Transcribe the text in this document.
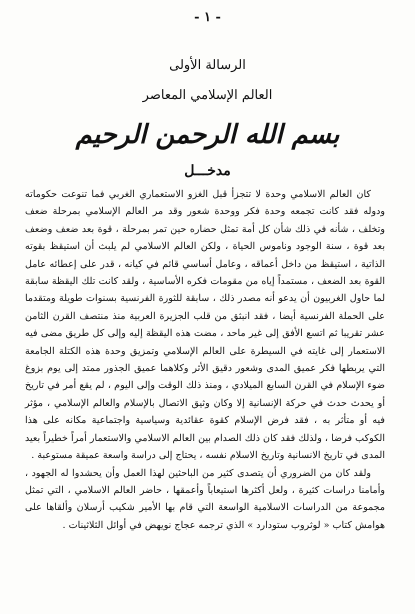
- ١ -
الرسالة الأولى
العالم الإسلامي المعاصر
بسم الله الرحمن الرحيم
مدخـــل

كان العالم الاسلامي وحدة لا تتجزأ قبل الغزو الاستعماري الغربي فما تنوعت حكوماته ودوله فقد كانت تجمعه وحدة فكر ووحدة شعور وقد مر العالم الإسلامي بمرحلة ضعف وتخلف ، شأنه في ذلك شأن كل أمة تمثل حضاره حين تمر بمرحلة ، قوة بعد ضعف وضعف بعد قوة ، سنة الوجود وناموس الحياة ، ولكن العالم الاسلامي لم يلبث أن استيقظ بقوته الذاتية ، استيقظ من داخل أعماقه ، وعامل أساسي قائم في كيانه ، قدر على إعطائه عامل القوة بعد الضعف ، مستمداً إياه من مقومات فكره الأساسية ، ولقد كانت تلك اليقظة سابقة لما حاول الغربيون أن يدعو أنه مصدر ذلك ، سابقة للثورة الفرنسية بسنوات طويلة ومتقدما على الحملة الفرنسية أيضا ، فقد انبثق من قلب الجزيرة العربية منذ منتصف القرن الثامن عشر تقريبا ثم اتسع الأفق إلى غير ماحد ، مضت هذه اليقظة إليه وإلى كل طريق مضى فيه الاستعمار إلى غايته في السيطرة على العالم الإسلامي وتمزيق وحدة هذه الكتلة الجامعة التي يربطها فكر عميق المدى وشعور دقيق الأثر وكلاهما عميق الجذور ممتد إلى يوم بزوغ ضوء الإسلام في القرن السابع الميلادي ، ومنذ ذلك الوقت وإلى اليوم ، لم يقع أمر في تاريخ أو يحدث حدث في حركة الإنسانية إلا وكان وثيق الاتصال بالإسلام والعالم الإسلامي ، مؤثر فيه أو متأثر به ، فقد فرض الإسلام كقوة عقائدية وسياسية واجتماعية مكانه على هذا الكوكب فرضا ، ولذلك فقد كان ذلك الصدام بين العالم الاسلامي والاستعمار أمراً خطيراً بعيد المدى في تاريخ الانسانية وتاريخ الاسلام نفسه ، يحتاج إلى دراسة واسعة عميقة مستوعبة .

ولقد كان من الضروري أن يتصدى كثير من الباحثين لهذا العمل وأن يحشدوا له الجهود ، وأمامنا دراسات كثيرة ، ولعل أكثرها استيعاباً وأعمقها ، حاضر العالم الاسلامي ، التي تمثل مجموعة من الدراسات الاسلامية الواسعة التي قام بها الأمير شكيب أرسلان وألقاها على هوامش كتاب « لوثروب ستودارد » الذي ترجمه عجاج نويهض في أوائل الثلاثينات .
